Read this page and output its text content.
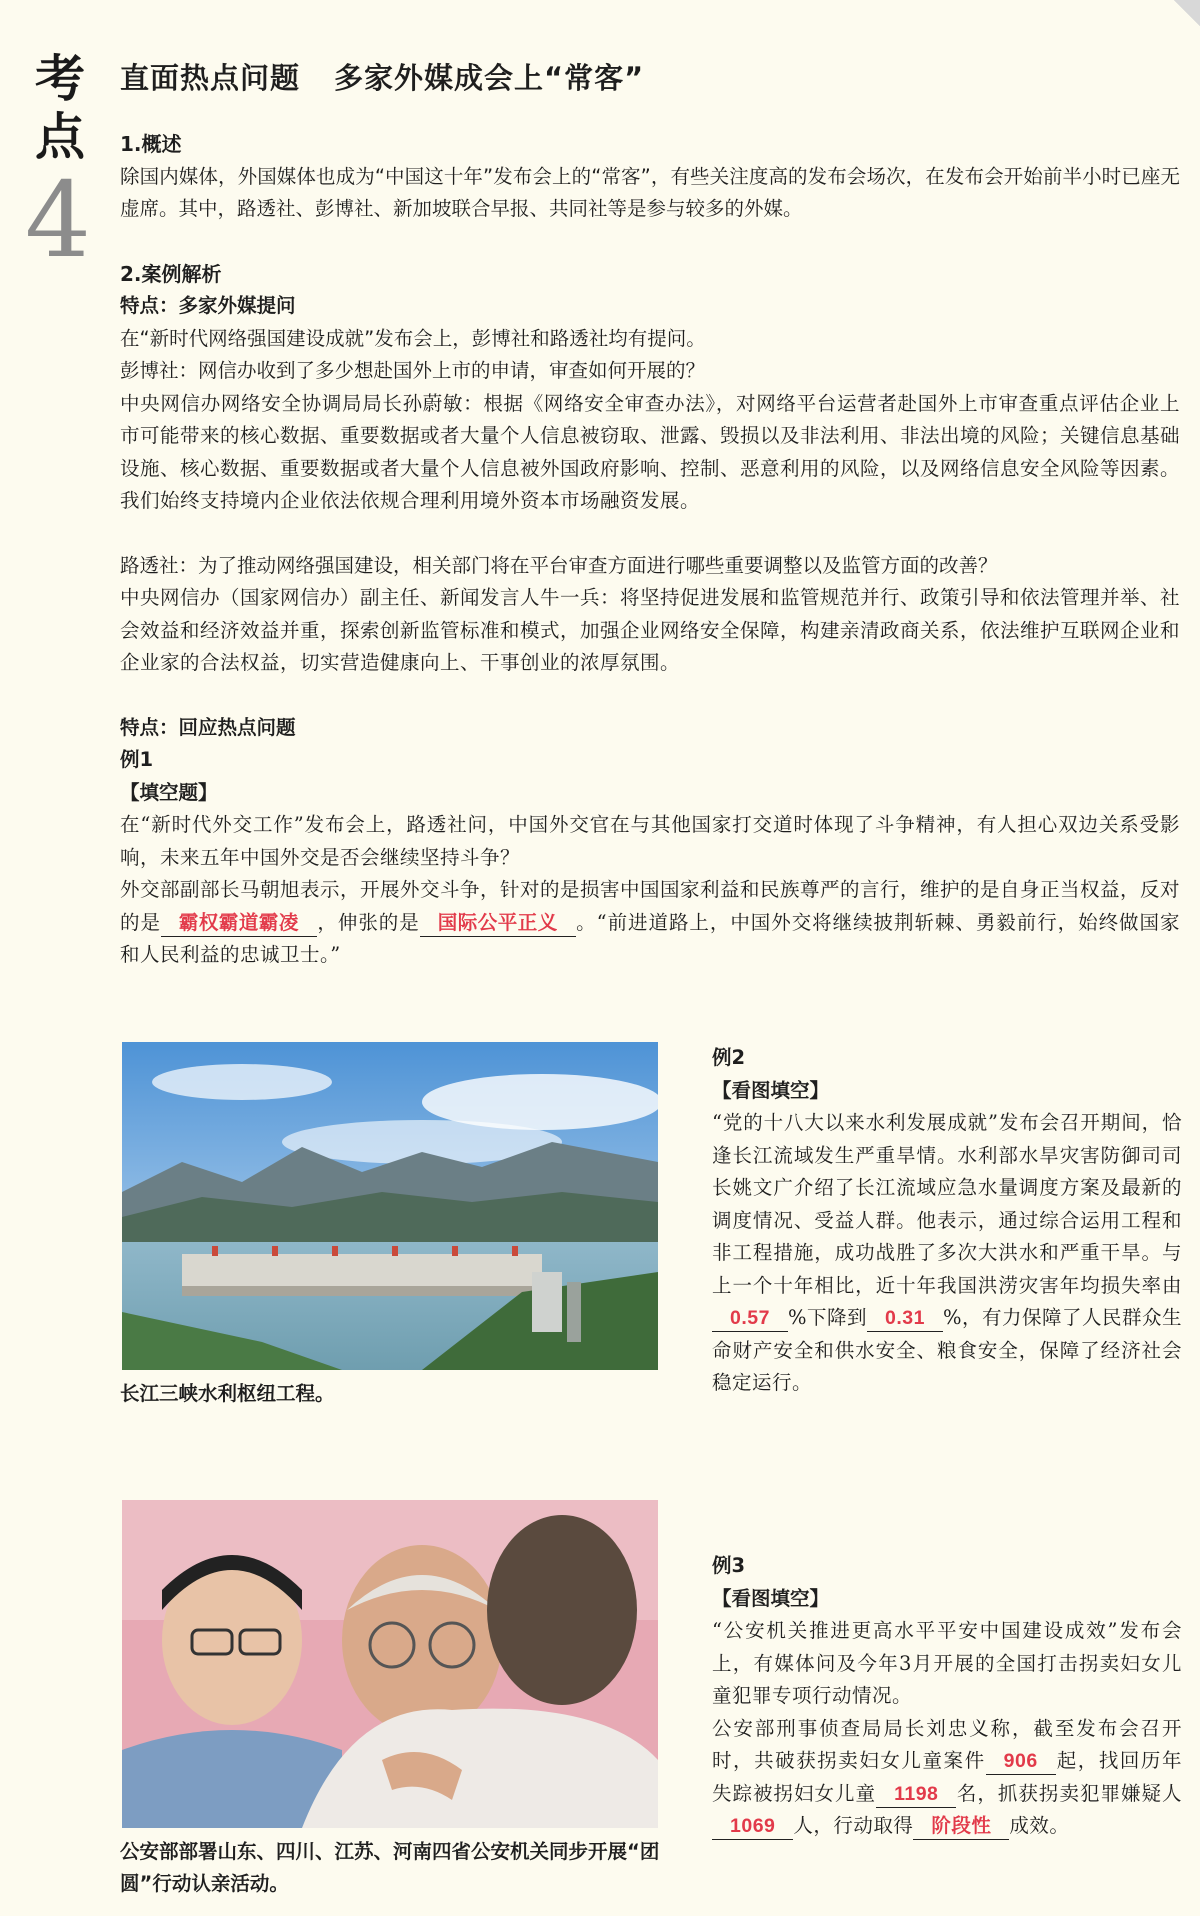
考点
4
直面热点问题 多家外媒成会上“常客”
1.概述

除国内媒体，外国媒体也成为“中国这十年”发布会上的“常客”，有些关注度高的发布会场次，在发布会开始前半小时已座无虚席。其中，路透社、彭博社、新加坡联合早报、共同社等是参与较多的外媒。

2.案例解析
特点：多家外媒提问

在“新时代网络强国建设成就”发布会上，彭博社和路透社均有提问。

彭博社：网信办收到了多少想赴国外上市的申请，审查如何开展的？

中央网信办网络安全协调局局长孙蔚敏：根据《网络安全审查办法》，对网络平台运营者赴国外上市审查重点评估企业上市可能带来的核心数据、重要数据或者大量个人信息被窃取、泄露、毁损以及非法利用、非法出境的风险；关键信息基础设施、核心数据、重要数据或者大量个人信息被外国政府影响、控制、恶意利用的风险，以及网络信息安全风险等因素。我们始终支持境内企业依法依规合理利用境外资本市场融资发展。

路透社：为了推动网络强国建设，相关部门将在平台审查方面进行哪些重要调整以及监管方面的改善？

中央网信办（国家网信办）副主任、新闻发言人牛一兵：将坚持促进发展和监管规范并行、政策引导和依法管理并举、社会效益和经济效益并重，探索创新监管标准和模式，加强企业网络安全保障，构建亲清政商关系，依法维护互联网企业和企业家的合法权益，切实营造健康向上、干事创业的浓厚氛围。

特点：回应热点问题
例1
【填空题】

在“新时代外交工作”发布会上，路透社问，中国外交官在与其他国家打交道时体现了斗争精神，有人担心双边关系受影响，未来五年中国外交是否会继续坚持斗争？

外交部副部长马朝旭表示，开展外交斗争，针对的是损害中国国家利益和民族尊严的言行，维护的是自身正当权益，反对的是 霸权霸道霸凌 ，伸张的是 国际公平正义 。“前进道路上，中国外交将继续披荆斩棘、勇毅前行，始终做国家和人民利益的忠诚卫士。”

长江三峡水利枢纽工程。
例2
【看图填空】

“党的十八大以来水利发展成就”发布会召开期间，恰逢长江流域发生严重旱情。水利部水旱灾害防御司司长姚文广介绍了长江流域应急水量调度方案及最新的调度情况、受益人群。他表示，通过综合运用工程和非工程措施，成功战胜了多次大洪水和严重干旱。与上一个十年相比，近十年我国洪涝灾害年均损失率由0.57 %下降到 0.31 %，有力保障了人民群众生命财产安全和供水安全、粮食安全，保障了经济社会稳定运行。

公安部部署山东、四川、江苏、河南四省公安机关同步开展“团圆”行动认亲活动。
例3
【看图填空】

“公安机关推进更高水平平安中国建设成效”发布会上，有媒体问及今年3月开展的全国打击拐卖妇女儿童犯罪专项行动情况。

公安部刑事侦查局局长刘忠义称，截至发布会召开时，共破获拐卖妇女儿童案件 906 起，找回历年失踪被拐妇女儿童 1198 名，抓获拐卖犯罪嫌疑人1069 人，行动取得 阶段性 成效。
